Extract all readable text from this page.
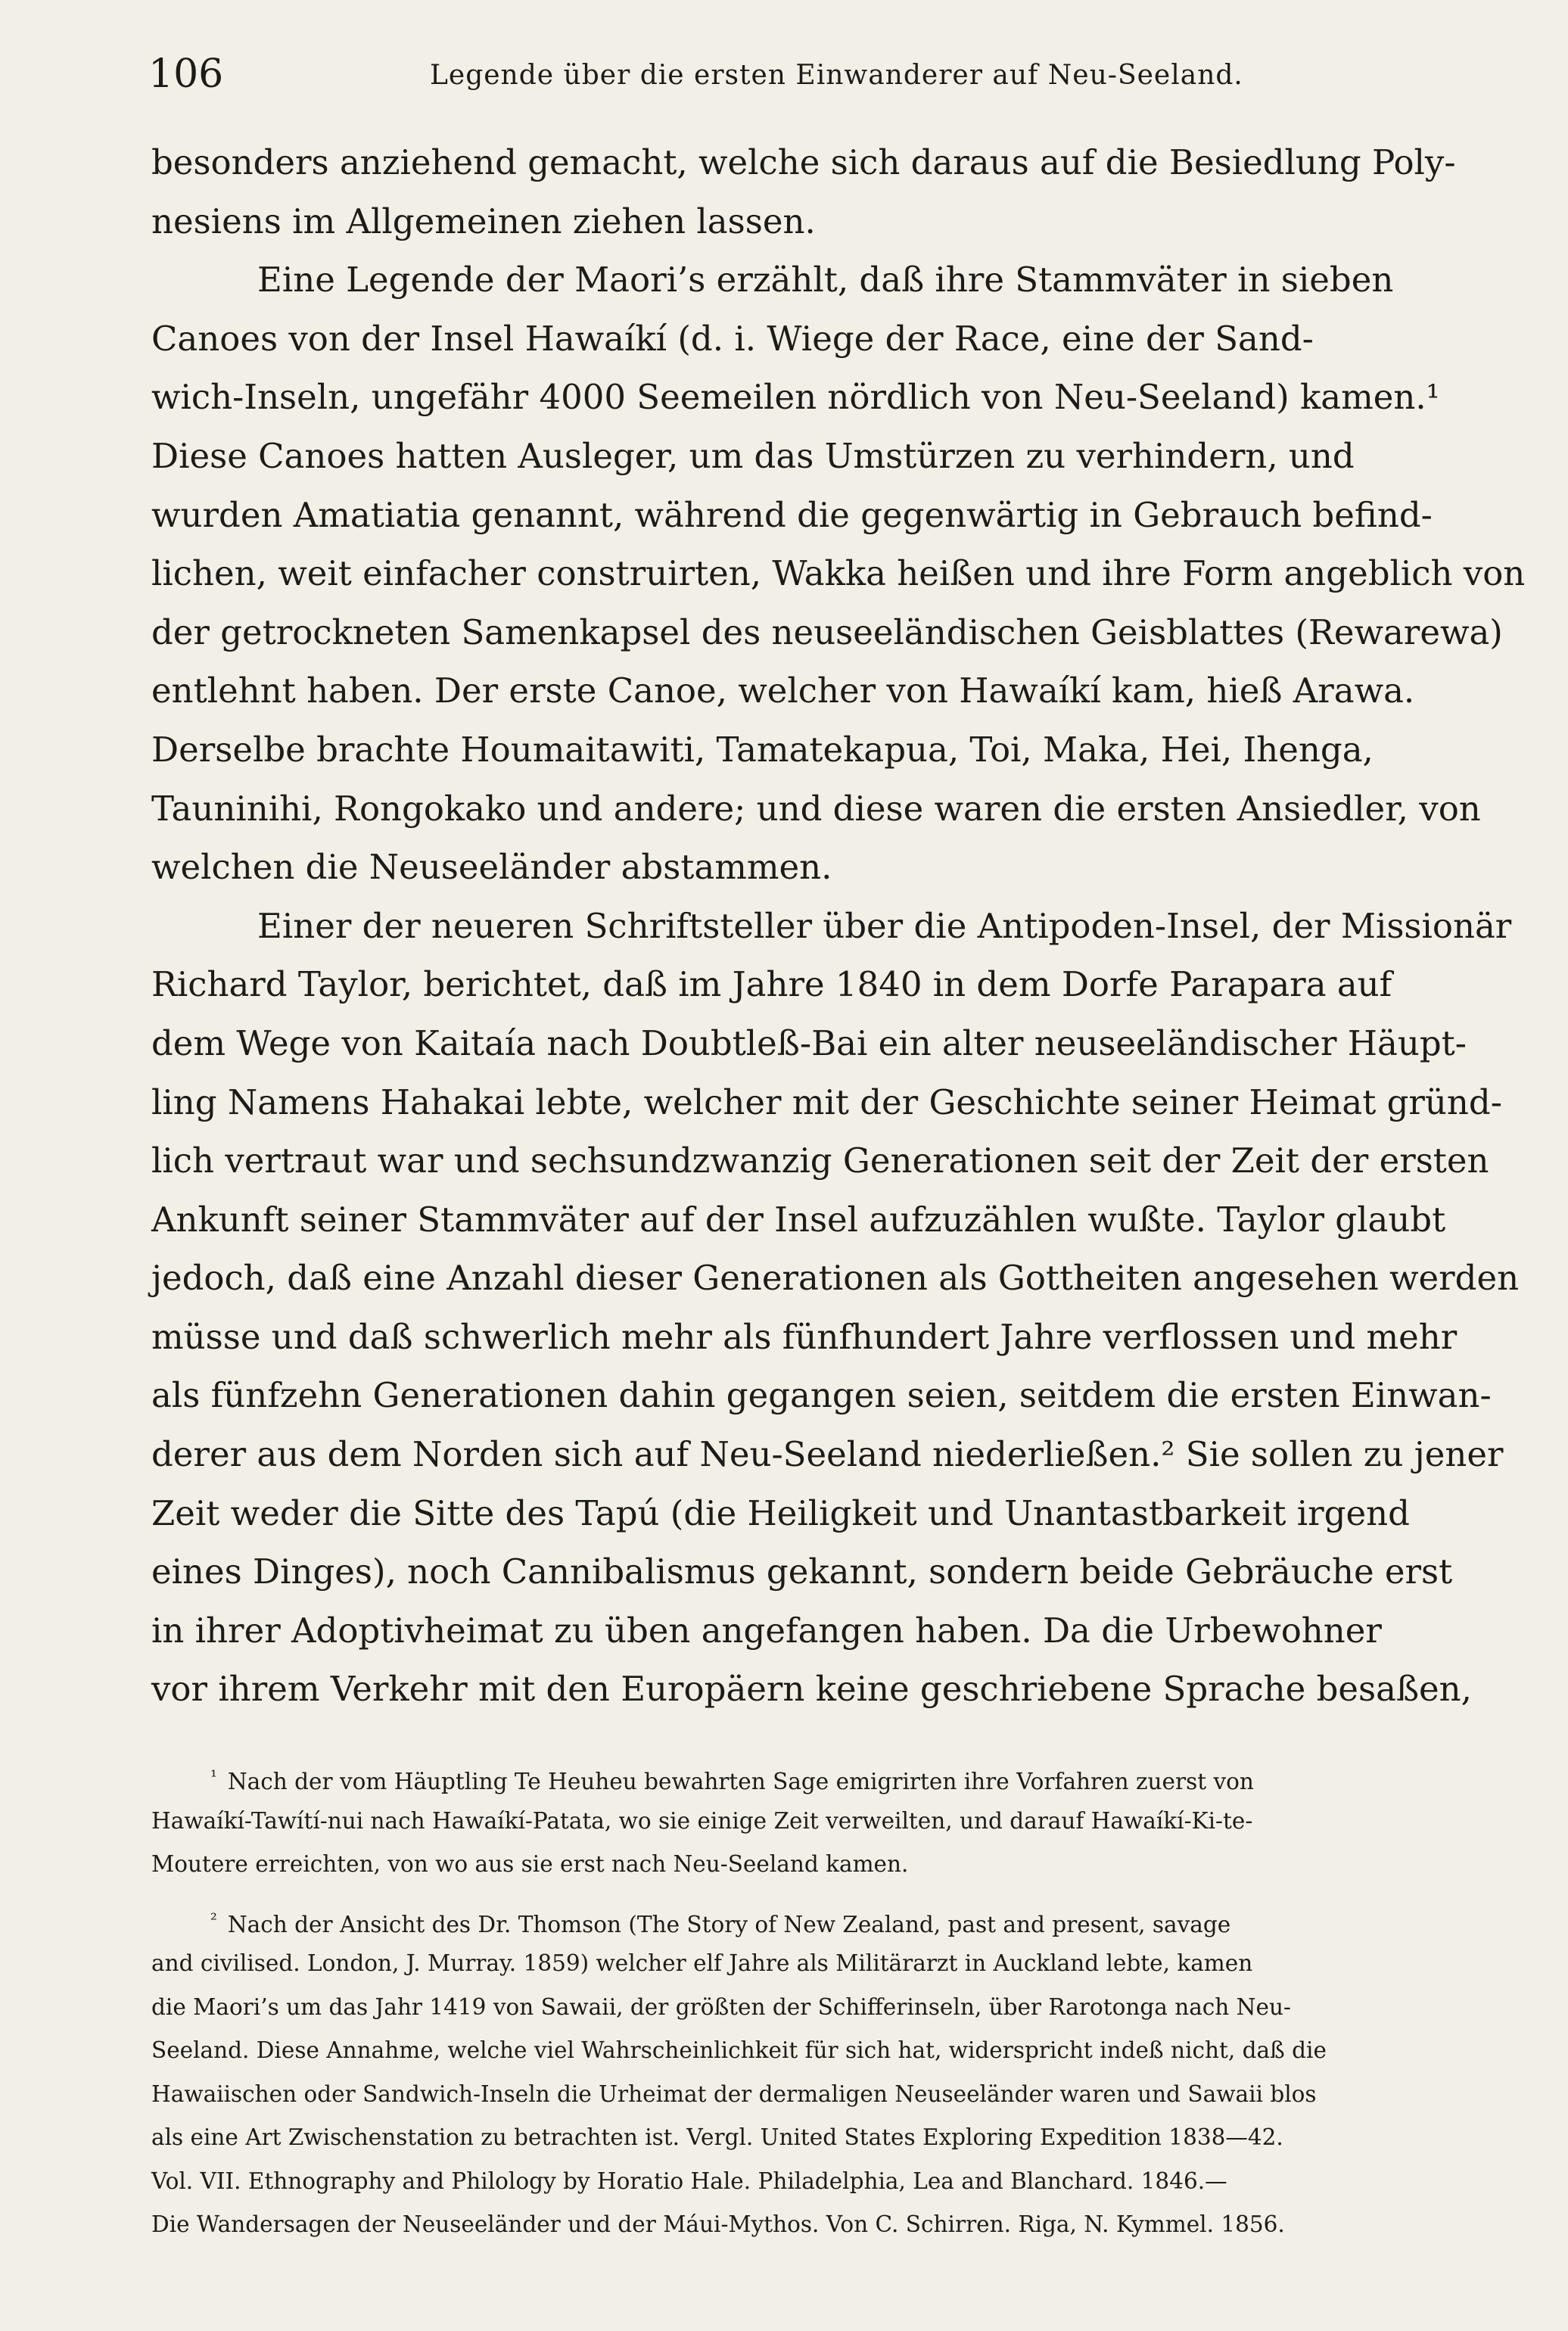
106	Legende über die ersten Einwanderer auf Neu-Seeland.
besonders anziehend gemacht, welche sich daraus auf die Besiedlung Poly-
nesiens im Allgemeinen ziehen lassen.
Eine Legende der Maori’s erzählt, daß ihre Stammväter in sieben
Canoes von der Insel Hawaíkí (d. i. Wiege der Race, eine der Sand-
wich-Inseln, ungefähr 4000 Seemeilen nördlich von Neu-Seeland) kamen.¹
Diese Canoes hatten Ausleger, um das Umstürzen zu verhindern, und
wurden Amatiatia genannt, während die gegenwärtig in Gebrauch befind-
lichen, weit einfacher construirten, Wakka heißen und ihre Form angeblich von
der getrockneten Samenkapsel des neuseeländischen Geisblattes (Rewarewa)
entlehnt haben. Der erste Canoe, welcher von Hawaíkí kam, hieß Arawa.
Derselbe brachte Houmaitawiti, Tamatekapua, Toi, Maka, Hei, Ihenga,
Tauninihi, Rongokako und andere; und diese waren die ersten Ansiedler, von
welchen die Neuseeländer abstammen.
Einer der neueren Schriftsteller über die Antipoden-Insel, der Missionär
Richard Taylor, berichtet, daß im Jahre 1840 in dem Dorfe Parapara auf
dem Wege von Kaitaía nach Doubtleß-Bai ein alter neuseeländischer Häupt-
ling Namens Hahakai lebte, welcher mit der Geschichte seiner Heimat gründ-
lich vertraut war und sechsundzwanzig Generationen seit der Zeit der ersten
Ankunft seiner Stammväter auf der Insel aufzuzählen wußte. Taylor glaubt
jedoch, daß eine Anzahl dieser Generationen als Gottheiten angesehen werden
müsse und daß schwerlich mehr als fünfhundert Jahre verflossen und mehr
als fünfzehn Generationen dahin gegangen seien, seitdem die ersten Einwan-
derer aus dem Norden sich auf Neu-Seeland niederließen.² Sie sollen zu jener
Zeit weder die Sitte des Tapú (die Heiligkeit und Unantastbarkeit irgend
eines Dinges), noch Cannibalismus gekannt, sondern beide Gebräuche erst
in ihrer Adoptivheimat zu üben angefangen haben. Da die Urbewohner
vor ihrem Verkehr mit den Europäern keine geschriebene Sprache besaßen,
$^{^1}$ Nach der vom Häuptling Te Heuheu bewahrten Sage emigrirten ihre Vorfahren zuerst von
Hawaíkí-Tawítí-nui nach Hawaíkí-Patata, wo sie einige Zeit verweilten, und darauf Hawaíkí-Ki-te-
Moutere erreichten, von wo aus sie erst nach Neu-Seeland kamen.
$^{^2}$ Nach der Ansicht des Dr. Thomson (The Story of New Zealand, past and present, savage
and civilised. London, J. Murray. 1859) welcher elf Jahre als Militärarzt in Auckland lebte, kamen
die Maori’s um das Jahr 1419 von Sawaii, der größten der Schifferinseln, über Rarotonga nach Neu-
Seeland. Diese Annahme, welche viel Wahrscheinlichkeit für sich hat, widerspricht indeß nicht, daß die
Hawaiischen oder Sandwich-Inseln die Urheimat der dermaligen Neuseeländer waren und Sawaii blos
als eine Art Zwischenstation zu betrachten ist. Vergl. United States Exploring Expedition 1838—42.
Vol. VII. Ethnography and Philology by Horatio Hale. Philadelphia, Lea and Blanchard. 1846.—
Die Wandersagen der Neuseeländer und der Máui-Mythos. Von C. Schirren. Riga, N. Kymmel. 1856.
